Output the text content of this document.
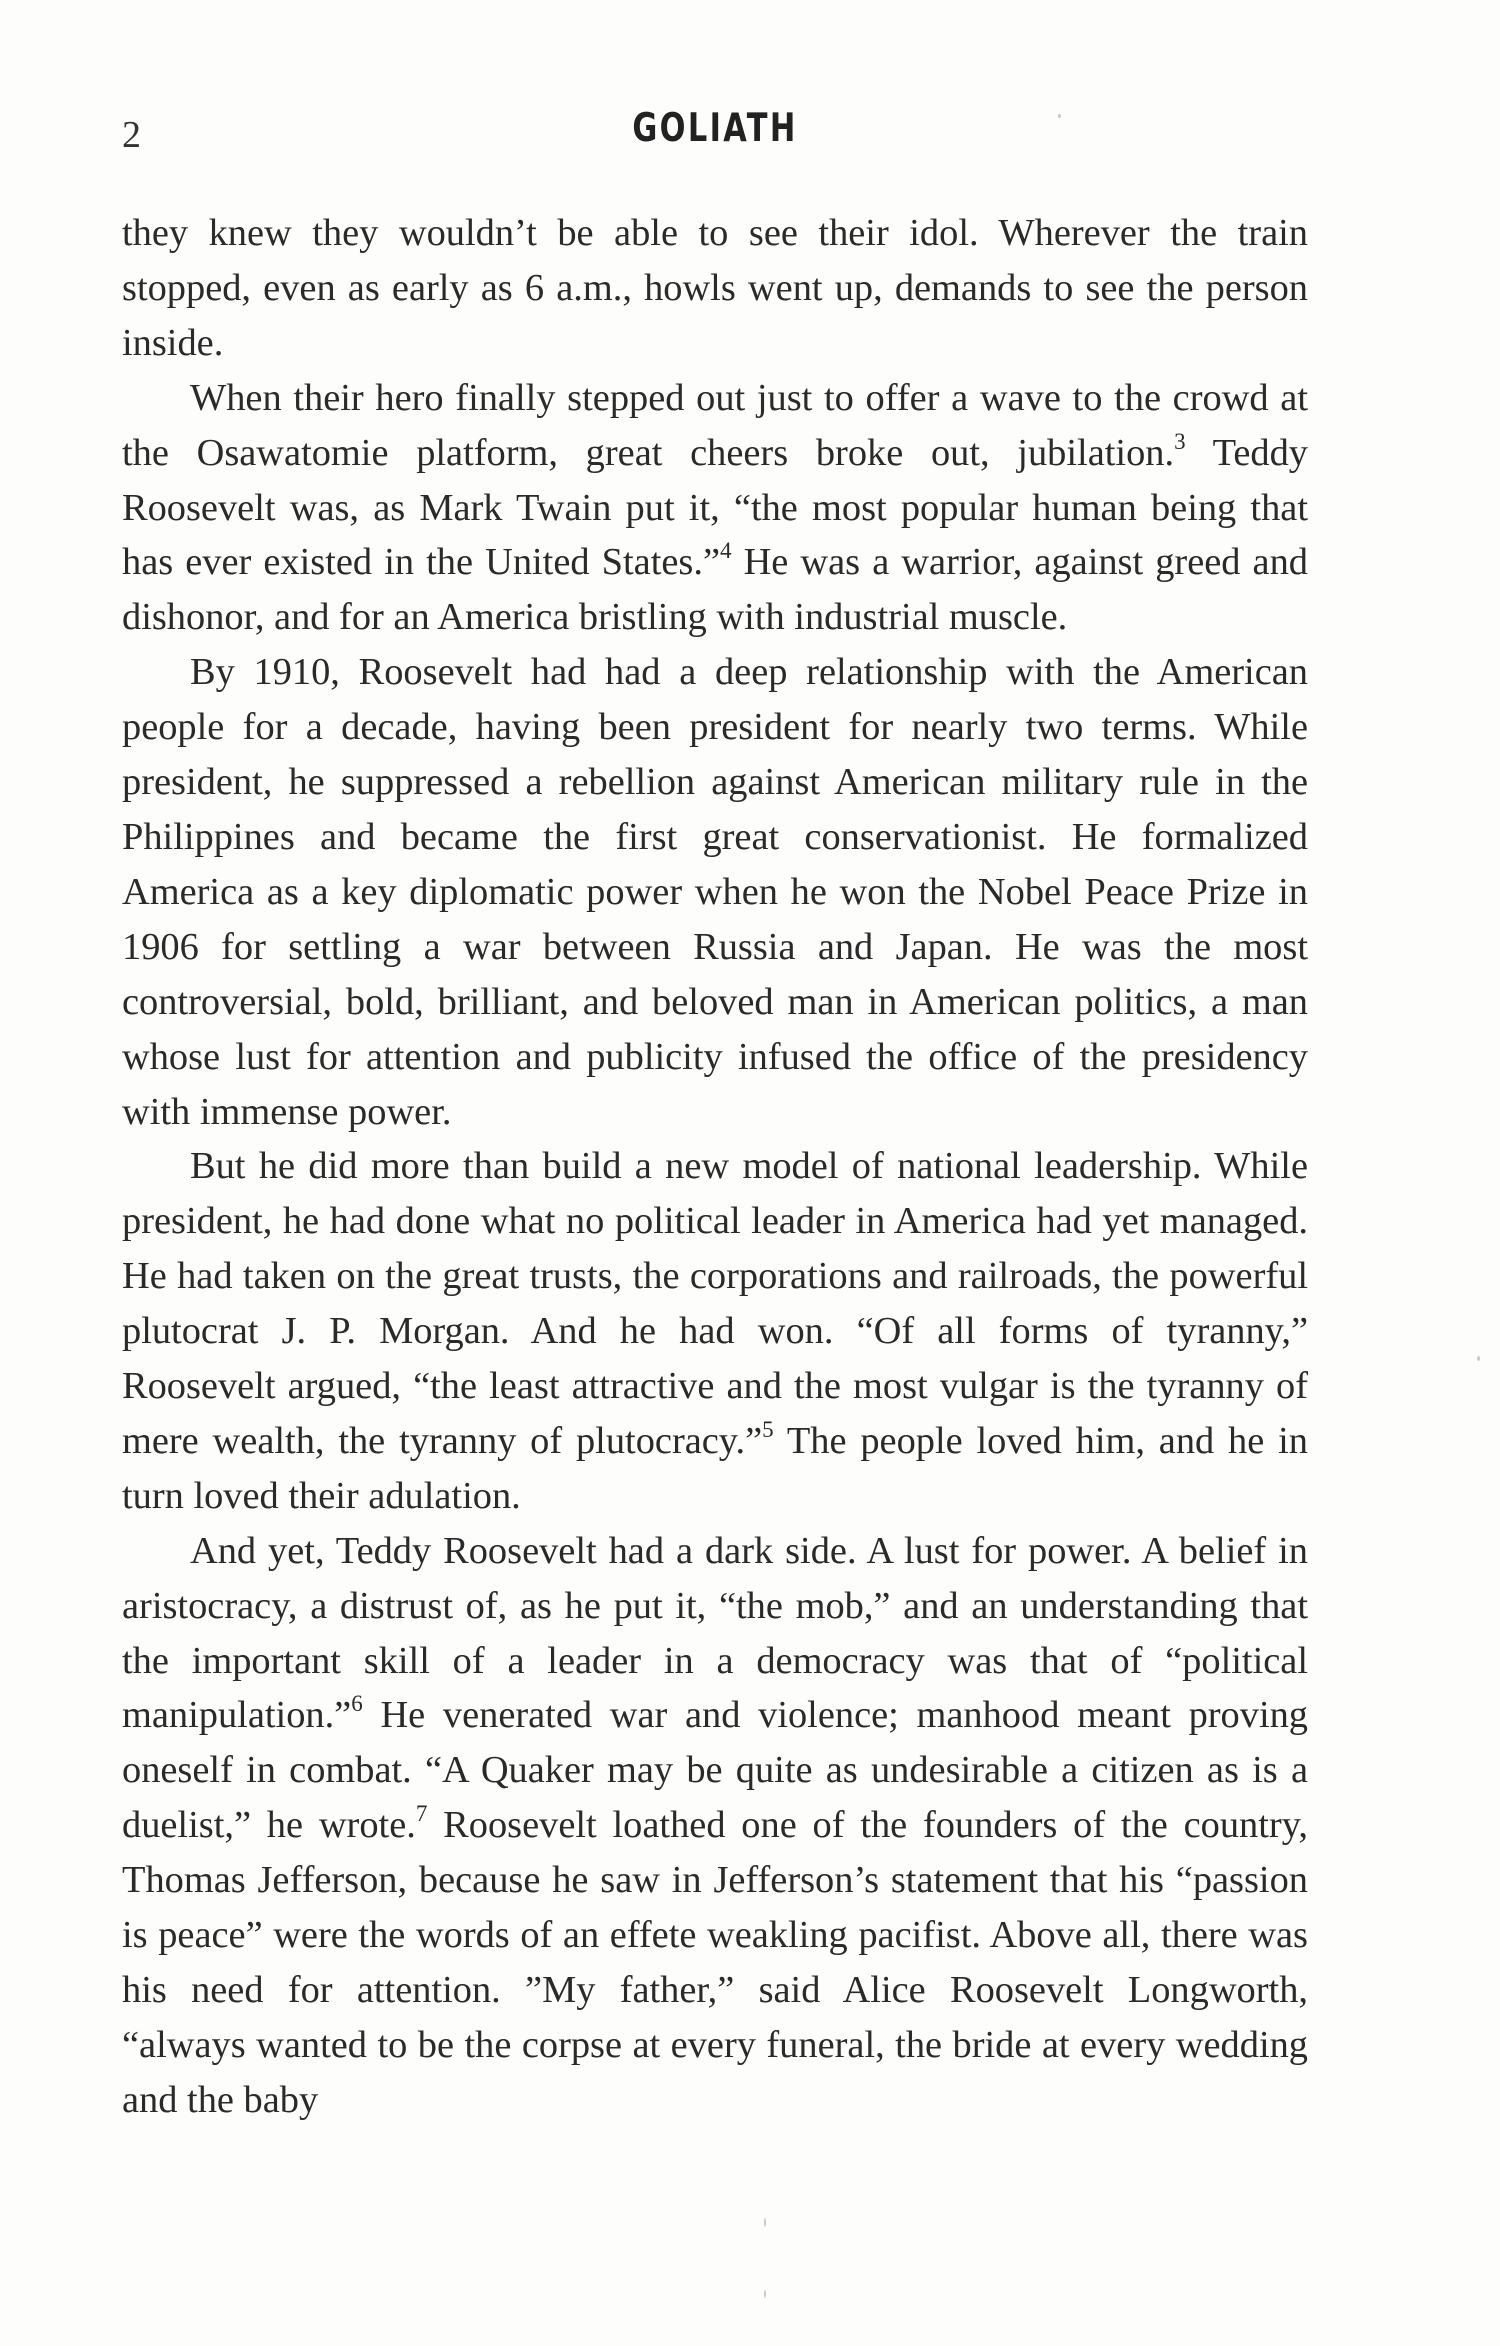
2	GOLIATH

they knew they wouldn’t be able to see their idol. Wherever the train stopped, even as early as 6 a.m., howls went up, demands to see the person inside.

When their hero finally stepped out just to offer a wave to the crowd at the Osawatomie platform, great cheers broke out, jubilation.$^3$ Teddy Roosevelt was, as Mark Twain put it, “the most popular human being that has ever existed in the United States.”$^4$ He was a warrior, against greed and dishonor, and for an America bristling with industrial muscle.

By 1910, Roosevelt had had a deep relationship with the American people for a decade, having been president for nearly two terms. While president, he suppressed a rebellion against American military rule in the Philippines and became the first great conservationist. He formalized America as a key diplomatic power when he won the Nobel Peace Prize in 1906 for settling a war between Russia and Japan. He was the most controversial, bold, brilliant, and beloved man in American politics, a man whose lust for attention and publicity infused the office of the presidency with immense power.

But he did more than build a new model of national leadership. While president, he had done what no political leader in America had yet managed. He had taken on the great trusts, the corporations and railroads, the powerful plutocrat J. P. Morgan. And he had won. “Of all forms of tyranny,” Roosevelt argued, “the least attractive and the most vulgar is the tyranny of mere wealth, the tyranny of plutocracy.”$^5$ The people loved him, and he in turn loved their adulation.

And yet, Teddy Roosevelt had a dark side. A lust for power. A belief in aristocracy, a distrust of, as he put it, “the mob,” and an understanding that the important skill of a leader in a democracy was that of “political manipulation.”$^6$ He venerated war and violence; manhood meant proving oneself in combat. “A Quaker may be quite as undesirable a citizen as is a duelist,” he wrote.$^7$ Roosevelt loathed one of the founders of the country, Thomas Jefferson, because he saw in Jefferson’s statement that his “passion is peace” were the words of an effete weakling pacifist. Above all, there was his need for attention. ”My father,” said Alice Roosevelt Longworth, “always wanted to be the corpse at every funeral, the bride at every wedding and the baby
